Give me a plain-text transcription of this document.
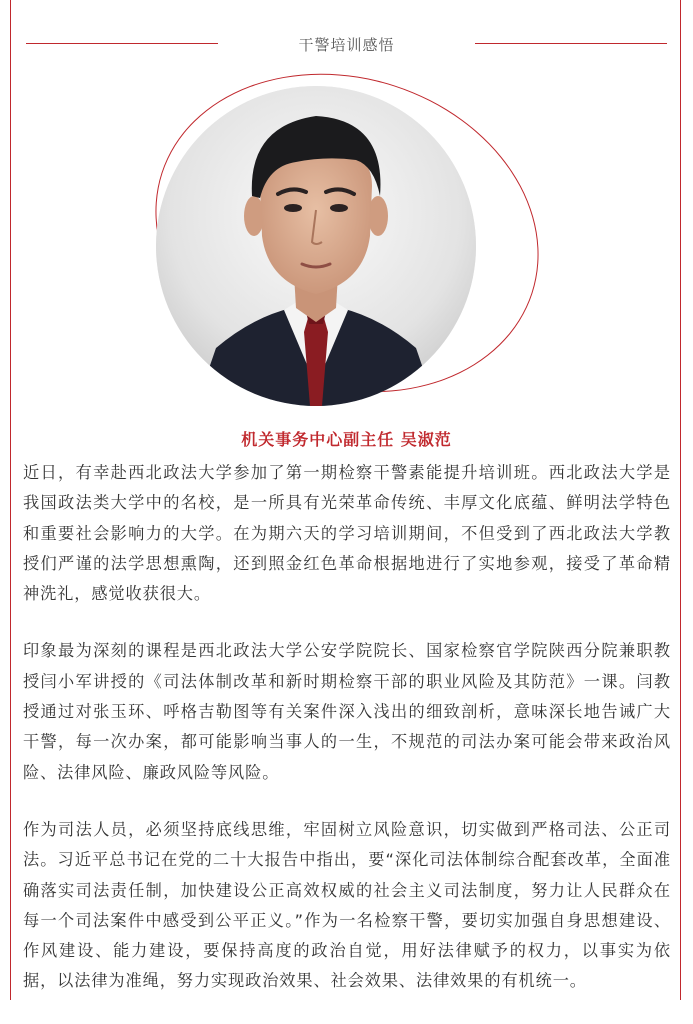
干警培训感悟
机关事务中心副主任 吴淑范

近日，有幸赴西北政法大学参加了第一期检察干警素能提升培训班。西北政法大学是我国政法类大学中的名校，是一所具有光荣革命传统、丰厚文化底蕴、鲜明法学特色和重要社会影响力的大学。在为期六天的学习培训期间，不但受到了西北政法大学教授们严谨的法学思想熏陶，还到照金红色革命根据地进行了实地参观，接受了革命精神洗礼，感觉收获很大。

印象最为深刻的课程是西北政法大学公安学院院长、国家检察官学院陕西分院兼职教授闫小军讲授的《司法体制改革和新时期检察干部的职业风险及其防范》一课。闫教授通过对张玉环、呼格吉勒图等有关案件深入浅出的细致剖析，意味深长地告诫广大干警，每一次办案，都可能影响当事人的一生，不规范的司法办案可能会带来政治风险、法律风险、廉政风险等风险。

作为司法人员，必须坚持底线思维，牢固树立风险意识，切实做到严格司法、公正司法。习近平总书记在党的二十大报告中指出，要“深化司法体制综合配套改革，全面准确落实司法责任制，加快建设公正高效权威的社会主义司法制度，努力让人民群众在每一个司法案件中感受到公平正义。”作为一名检察干警，要切实加强自身思想建设、作风建设、能力建设，要保持高度的政治自觉，用好法律赋予的权力，以事实为依据，以法律为准绳，努力实现政治效果、社会效果、法律效果的有机统一。
